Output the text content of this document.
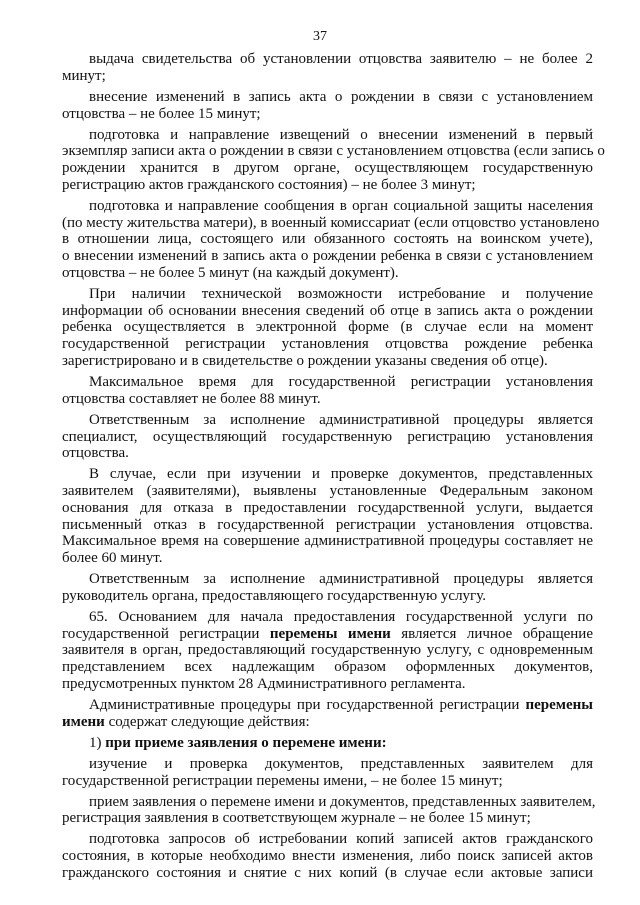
37
выдача свидетельства об установлении отцовства заявителю – не более 2
минут;
внесение изменений в запись акта о рождении в связи с установлением
отцовства – не более 15 минут;
подготовка и направление извещений о внесении изменений в первый
экземпляр записи акта о рождении в связи с установлением отцовства (если запись о
рождении хранится в другом органе, осуществляющем государственную
регистрацию актов гражданского состояния) – не более 3 минут;
подготовка и направление сообщения в орган социальной защиты населения
(по месту жительства матери), в военный комиссариат (если отцовство установлено
в отношении лица, состоящего или обязанного состоять на воинском учете),
о внесении изменений в запись акта о рождении ребенка в связи с установлением
отцовства – не более 5 минут (на каждый документ).
При наличии технической возможности истребование и получение
информации об основании внесения сведений об отце в запись акта о рождении
ребенка осуществляется в электронной форме (в случае если на момент
государственной регистрации установления отцовства рождение ребенка
зарегистрировано и в свидетельстве о рождении указаны сведения об отце).
Максимальное время для государственной регистрации установления
отцовства составляет не более 88 минут.
Ответственным за исполнение административной процедуры является
специалист, осуществляющий государственную регистрацию установления
отцовства.
В случае, если при изучении и проверке документов, представленных
заявителем (заявителями), выявлены установленные Федеральным законом
основания для отказа в предоставлении государственной услуги, выдается
письменный отказ в государственной регистрации установления отцовства.
Максимальное время на совершение административной процедуры составляет не
более 60 минут.
Ответственным за исполнение административной процедуры является
руководитель органа, предоставляющего государственную услугу.
65. Основанием для начала предоставления государственной услуги по
государственной регистрации перемены имени является личное обращение
заявителя в орган, предоставляющий государственную услугу, с одновременным
представлением всех надлежащим образом оформленных документов,
предусмотренных пунктом 28 Административного регламента.
Административные процедуры при государственной регистрации перемены
имени содержат следующие действия:
1) при приеме заявления о перемене имени:
изучение и проверка документов, представленных заявителем для
государственной регистрации перемены имени, – не более 15 минут;
прием заявления о перемене имени и документов, представленных заявителем,
регистрация заявления в соответствующем журнале – не более 15 минут;
подготовка запросов об истребовании копий записей актов гражданского
состояния, в которые необходимо внести изменения, либо поиск записей актов
гражданского состояния и снятие с них копий (в случае если актовые записи
